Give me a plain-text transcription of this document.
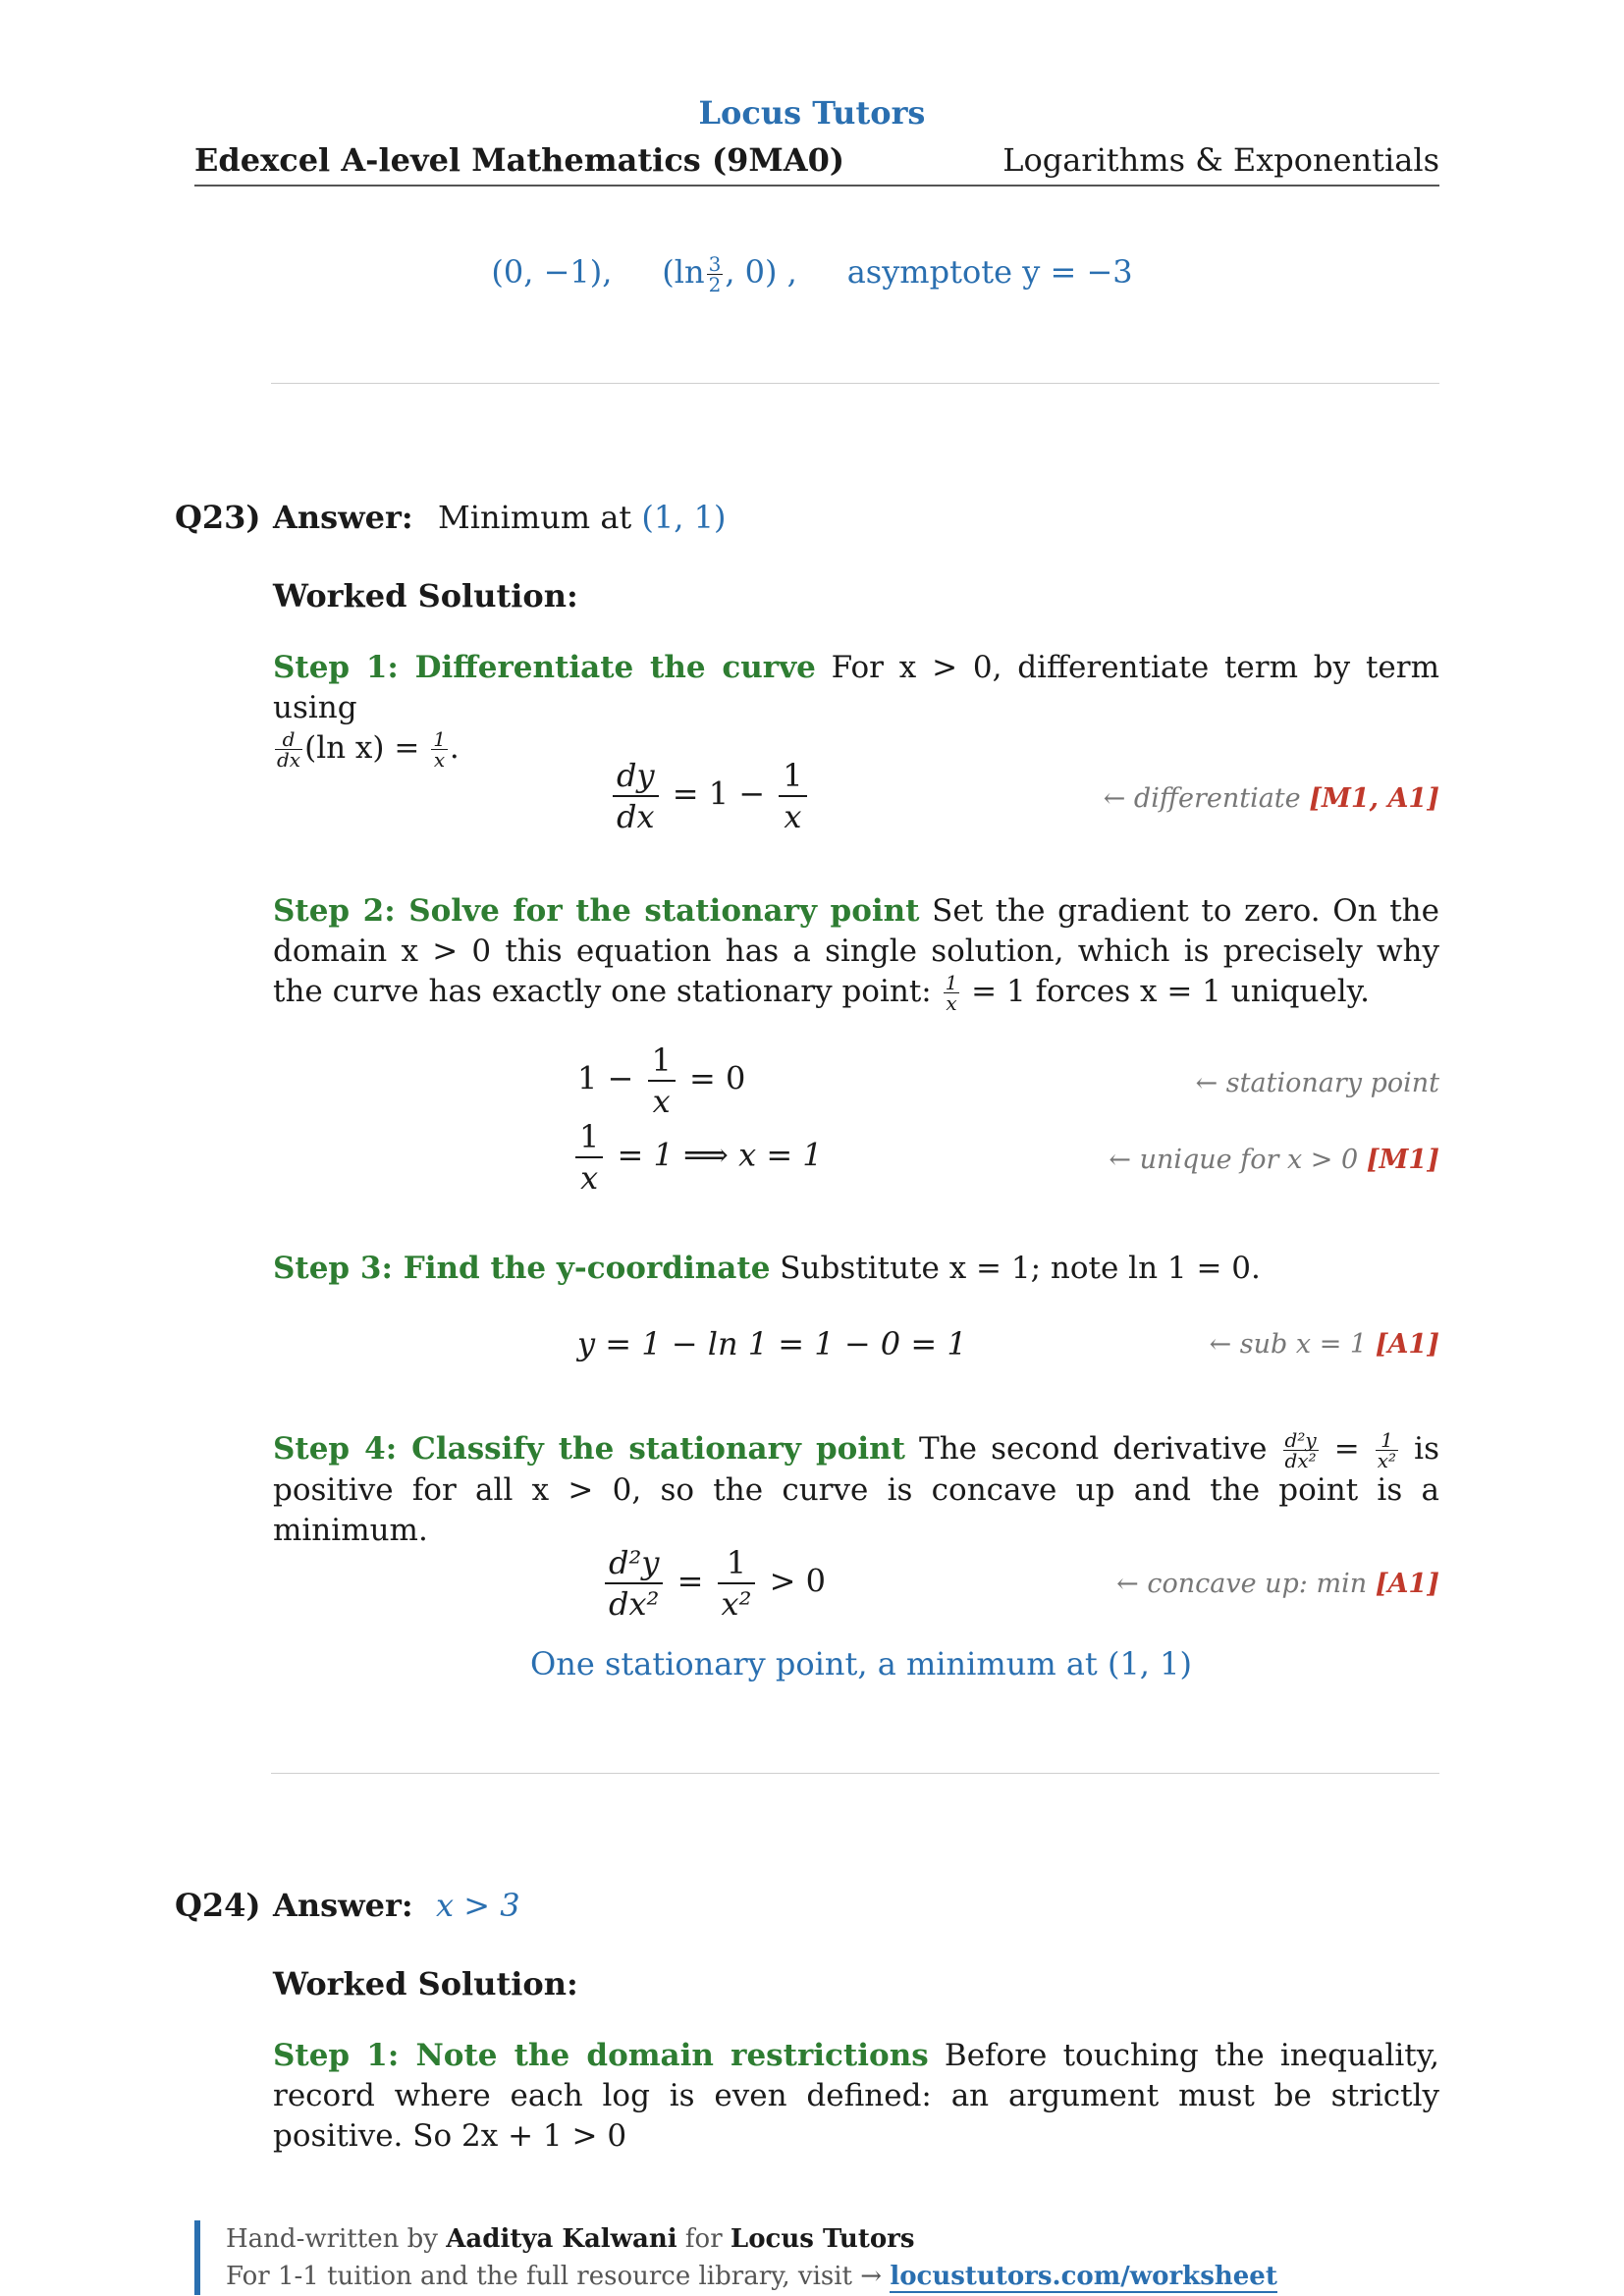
Locus Tutors
Edexcel A-level Mathematics (9MA0)	Logarithms & Exponentials
(0, −1), ($\ln \frac{3}{2}$ , 0) , asymptote y = −3
Q23) Answer: Minimum at (1, 1)
Worked Solution:
Step 1: Differentiate the curve For x > 0, differentiate term by term using

$\frac{d}{dx} (\ln$ $x) = \frac{1}{x}$ .
$\frac{dy}{dx} = 1 - \frac{1}{x}$	← differentiate [M1, A1]
Step 2: Solve for the stationary point Set the gradient to zero. On the domain x > 0 this equation has a single solution, which is precisely why the curve has exactly one stationary point: $\frac{1}{x} = 1$ forces x = 1 uniquely.
$1 - \frac{1}{x} = 0$	← stationary point
$\frac{1}{x} = 1$ ⟹ x = 1	← unique for x > 0 [M1]
Step 3: Find the y-coordinate Substitute x = 1; note ln 1 = 0.
y = 1 − ln 1 = 1 − 0 = 1	← sub x = 1 [A1]
Step 4: Classify the stationary point The second derivative $\frac{\text{d²y}}{\text{dx²}} = \frac{1}{\text{x²}}$ is positive for all x > 0, so the curve is concave up and the point is a minimum.
$\frac{\text{d²y}}{\text{dx²}} = \frac{1}{\text{x²}} > 0$	← concave up: min [A1]
One stationary point, a minimum at (1, 1)
Q24) Answer: x > 3
Worked Solution:
Step 1: Note the domain restrictions Before touching the inequality, record where each log is even defined: an argument must be strictly positive. So 2x + 1 > 0
Hand-written by Aaditya Kalwani for Locus Tutors
For 1-1 tuition and the full resource library, visit → locustutors.com/worksheet
